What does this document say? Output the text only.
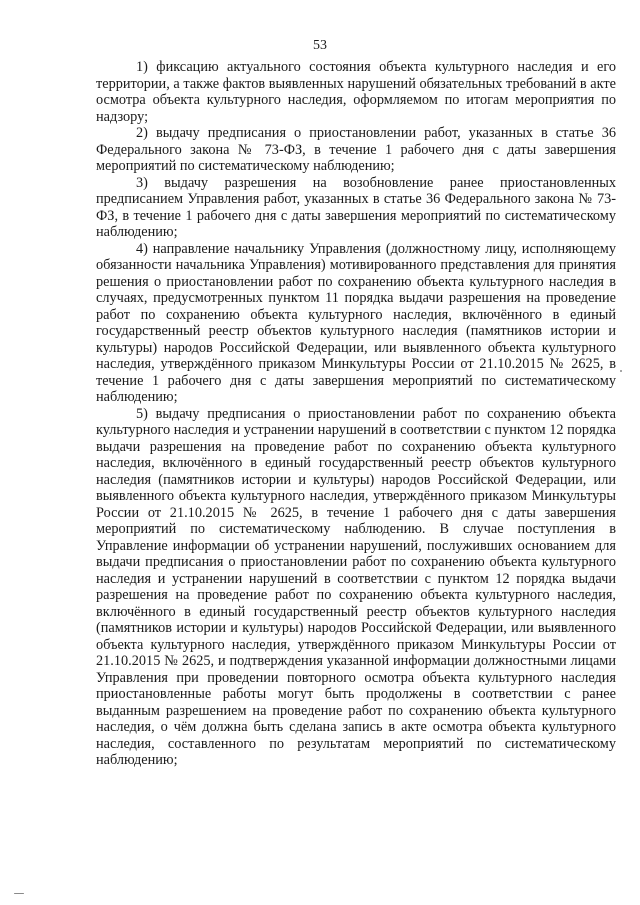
53

1) фиксацию актуального состояния объекта культурного наследия и его территории, а также фактов выявленных нарушений обязательных требований в акте осмотра объекта культурного наследия, оформляемом по итогам мероприятия по надзору;

2) выдачу предписания о приостановлении работ, указанных в статье 36 Федерального закона № 73-ФЗ, в течение 1 рабочего дня с даты завершения мероприятий по систематическому наблюдению;

3) выдачу разрешения на возобновление ранее приостановленных предписанием Управления работ, указанных в статье 36 Федерального закона № 73-ФЗ, в течение 1 рабочего дня с даты завершения мероприятий по систематическому наблюдению;

4) направление начальнику Управления (должностному лицу, исполняющему обязанности начальника Управления) мотивированного представления для принятия решения о приостановлении работ по сохранению объекта культурного наследия в случаях, предусмотренных пунктом 11 порядка выдачи разрешения на проведение работ по сохранению объекта культурного наследия, включённого в единый государственный реестр объектов культурного наследия (памятников истории и культуры) народов Российской Федерации, или выявленного объекта культурного наследия, утверждённого приказом Минкультуры России от 21.10.2015 № 2625, в течение 1 рабочего дня с даты завершения мероприятий по систематическому наблюдению;

5) выдачу предписания о приостановлении работ по сохранению объекта культурного наследия и устранении нарушений в соответствии с пунктом 12 порядка выдачи разрешения на проведение работ по сохранению объекта культурного наследия, включённого в единый государственный реестр объектов культурного наследия (памятников истории и культуры) народов Российской Федерации, или выявленного объекта культурного наследия, утверждённого приказом Минкультуры России от 21.10.2015 № 2625, в течение 1 рабочего дня с даты завершения мероприятий по систематическому наблюдению. В случае поступления в Управление информации об устранении нарушений, послуживших основанием для выдачи предписания о приостановлении работ по сохранению объекта культурного наследия и устранении нарушений в соответствии с пунктом 12 порядка выдачи разрешения на проведение работ по сохранению объекта культурного наследия, включённого в единый государственный реестр объектов культурного наследия (памятников истории и культуры) народов Российской Федерации, или выявленного объекта культурного наследия, утверждённого приказом Минкультуры России от 21.10.2015 № 2625, и подтверждения указанной информации должностными лицами Управления при проведении повторного осмотра объекта культурного наследия приостановленные работы могут быть продолжены в соответствии с ранее выданным разрешением на проведение работ по сохранению объекта культурного наследия, о чём должна быть сделана запись в акте осмотра объекта культурного наследия, составленного по результатам мероприятий по систематическому наблюдению;
